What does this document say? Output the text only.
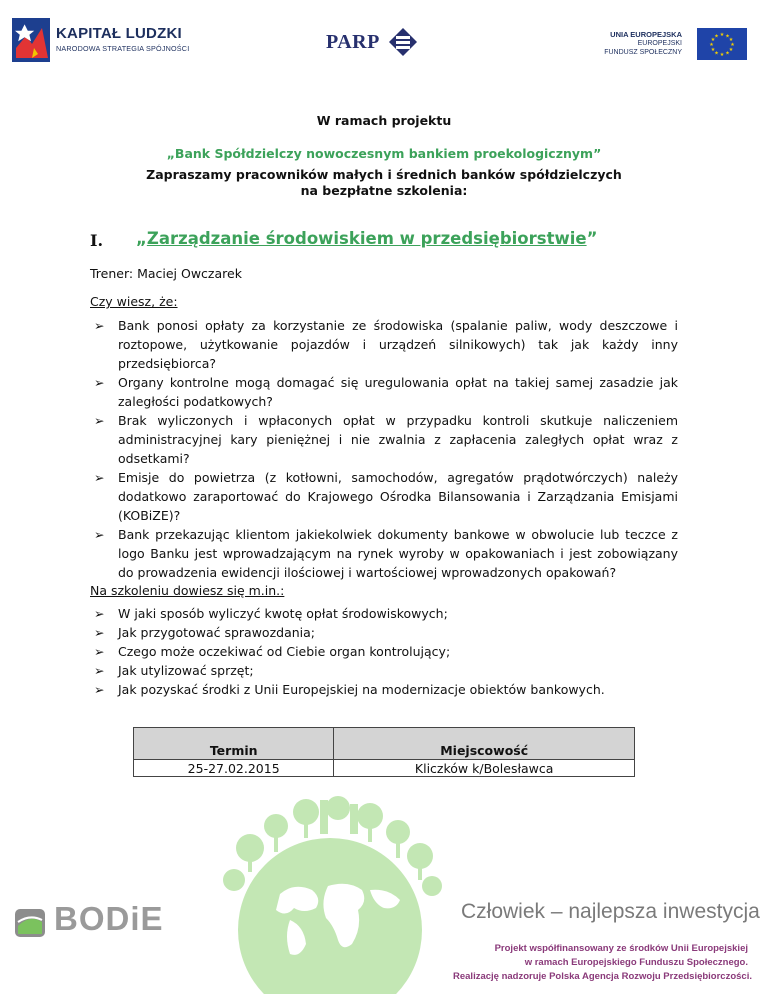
KAPITAŁ LUDZKI
NARODOWA STRATEGIA SPÓJNOŚCI	PARP	UNIA EUROPEJSKA
EUROPEJSKI
FUNDUSZ SPOŁECZNY
★ ★
★
★
★
★
★
★
★
★
★
★
W ramach projektu
„Bank Spółdzielczy nowoczesnym bankiem proekologicznym”
Zapraszamy pracowników małych i średnich banków spółdzielczych
na bezpłatne szkolenia:
I. „Zarządzanie środowiskiem w przedsiębiorstwie”
Trener: Maciej Owczarek
Czy wiesz, że:
➢ Bank ponosi opłaty za korzystanie ze środowiska (spalanie paliw, wody deszczowe i roztopowe, użytkowanie pojazdów i urządzeń silnikowych) tak jak każdy inny przedsiębiorca?
➢ Organy kontrolne mogą domagać się uregulowania opłat na takiej samej zasadzie jak zaległości podatkowych?
➢ Brak wyliczonych i wpłaconych opłat w przypadku kontroli skutkuje naliczeniem administracyjnej kary pieniężnej i nie zwalnia z zapłacenia zaległych opłat wraz z odsetkami?
➢ Emisje do powietrza (z kotłowni, samochodów, agregatów prądotwórczych) należy dodatkowo zaraportować do Krajowego Ośrodka Bilansowania i Zarządzania Emisjami (KOBiZE)?
➢ Bank przekazując klientom jakiekolwiek dokumenty bankowe w obwolucie lub teczce z logo Banku jest wprowadzającym na rynek wyroby w opakowaniach i jest zobowiązany do prowadzenia ewidencji ilościowej i wartościowej wprowadzonych opakowań?
Na szkoleniu dowiesz się m.in.:
➢ W jaki sposób wyliczyć kwotę opłat środowiskowych;
➢ Jak przygotować sprawozdania;
➢ Czego może oczekiwać od Ciebie organ kontrolujący;
➢ Jak utylizować sprzęt;
➢ Jak pozyskać środki z Unii Europejskiej na modernizacje obiektów bankowych.
Termin	Miejscowość
25-27.02.2015	Kliczków k/Bolesławca
BODiE	Człowiek – najlepsza inwestycja
Projekt współfinansowany ze środków Unii Europejskiej
w ramach Europejskiego Funduszu Społecznego.
Realizację nadzoruje Polska Agencja Rozwoju Przedsiębiorczości.
